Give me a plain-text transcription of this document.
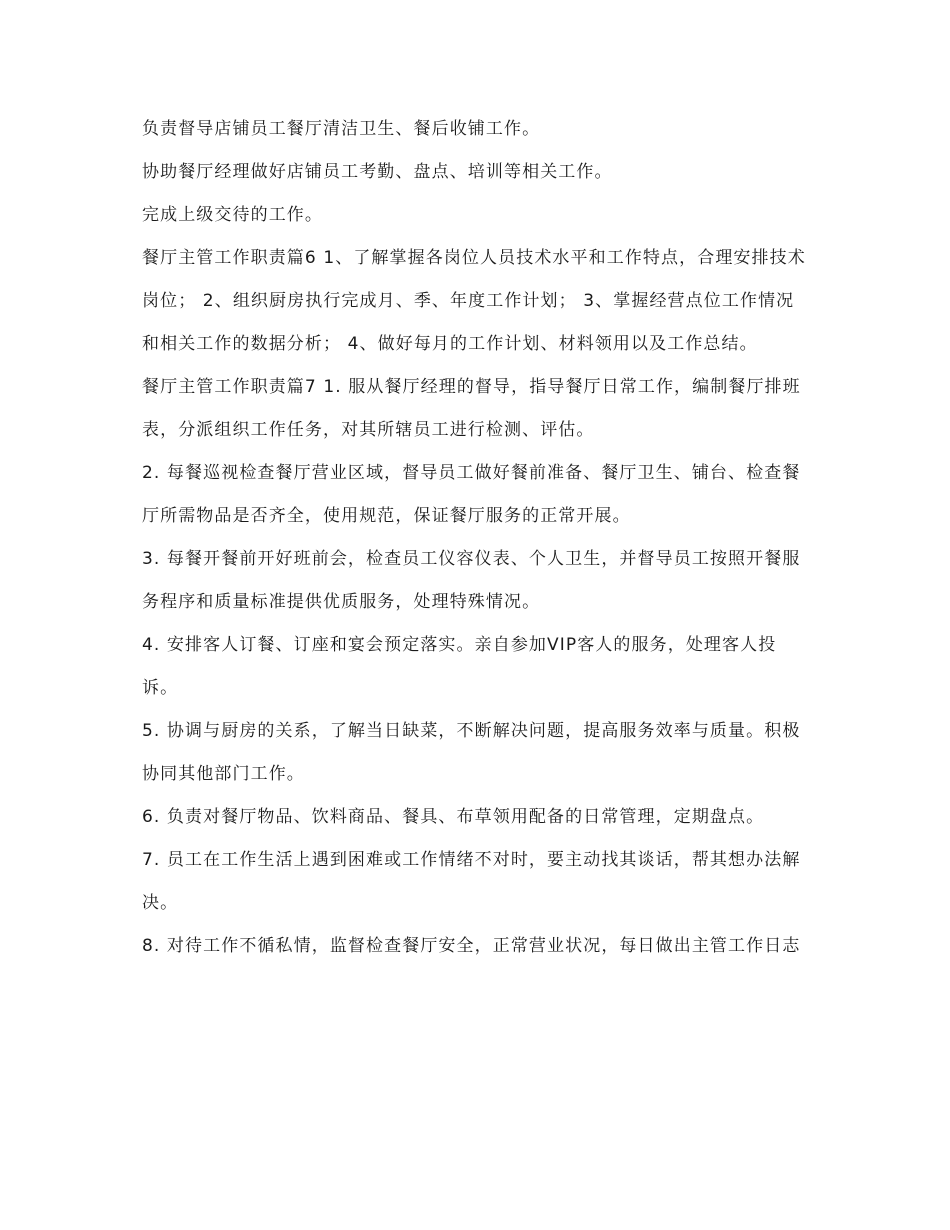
负责督导店铺员工餐厅清洁卫生、餐后收铺工作。

协助餐厅经理做好店铺员工考勤、盘点、培训等相关工作。

完成上级交待的工作。

餐厅主管工作职责篇6 1、了解掌握各岗位人员技术水平和工作特点，合理安排技术岗位； 2、组织厨房执行完成月、季、年度工作计划； 3、掌握经营点位工作情况和相关工作的数据分析； 4、做好每月的工作计划、材料领用以及工作总结。

餐厅主管工作职责篇7 1. 服从餐厅经理的督导，指导餐厅日常工作，编制餐厅排班表，分派组织工作任务，对其所辖员工进行检测、评估。

2. 每餐巡视检查餐厅营业区域，督导员工做好餐前准备、餐厅卫生、铺台、检查餐厅所需物品是否齐全，使用规范，保证餐厅服务的正常开展。

3. 每餐开餐前开好班前会，检查员工仪容仪表、个人卫生，并督导员工按照开餐服务程序和质量标准提供优质服务，处理特殊情况。

4. 安排客人订餐、订座和宴会预定落实。亲自参加VIP客人的服务，处理客人投诉。

5. 协调与厨房的关系，了解当日缺菜，不断解决问题，提高服务效率与质量。积极协同其他部门工作。

6. 负责对餐厅物品、饮料商品、餐具、布草领用配备的日常管理，定期盘点。

7. 员工在工作生活上遇到困难或工作情绪不对时，要主动找其谈话，帮其想办法解决。

8. 对待工作不循私情，监督检查餐厅安全，正常营业状况，每日做出主管工作日志
